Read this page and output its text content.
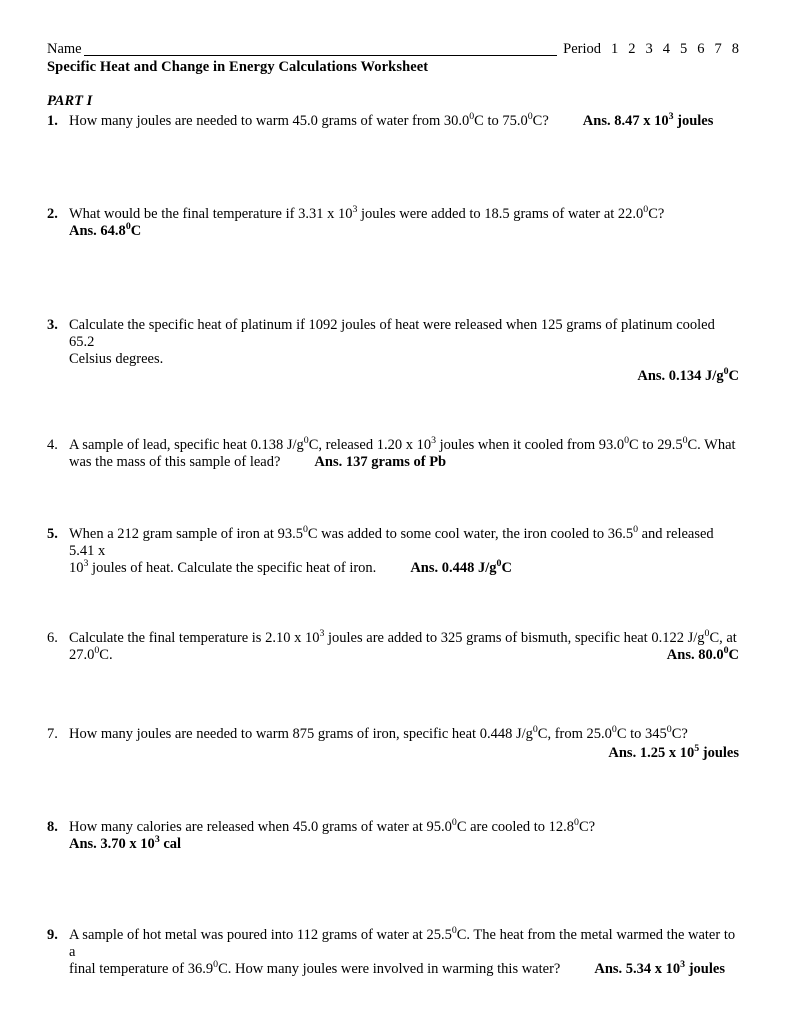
Name	Period 1 2 3 4 5 6 7 8
Specific Heat and Change in Energy Calculations Worksheet
PART I
1. How many joules are needed to warm 45.0 grams of water from 30.0$^0$C to 75.0$^0$C? Ans. 8.47 x $10^3$ joules
2. What would be the final temperature if 3.31 x $10^3$ joules were added to 18.5 grams of water at 22.0$^0$C?Ans. 64.8$^0$C
3. Calculate the specific heat of platinum if 1092 joules of heat were released when 125 grams of platinum cooled 65.2
Celsius degrees.
Ans. 0.134 $J/g^0C$
4. A sample of lead, specific heat 0.138 $J/g^0C$, released 1.20 x $10^3$ joules when it cooled from 93.0$^0$C to 29.5$^0$C. What
was the mass of this sample of lead? Ans. 137 grams of Pb
5. When a 212 gram sample of iron at 93.5$^0$C was added to some cool water, the iron cooled to 36.5$^0$ and released 5.41 x
$10^3$ joules of heat. Calculate the specific heat of iron. Ans. 0.448 $J/g^0C$
6. Calculate the final temperature is 2.10 x $10^3$ joules are added to 325 grams of bismuth, specific heat 0.122 $J/g^0C$, at
27.0$^0$C.	Ans. 80.0$^0$C
7. How many joules are needed to warm 875 grams of iron, specific heat 0.448 $J/g^0C$, from 25.0$^0$C to $345^0C$?
Ans. 1.25 x $10^5$ joules
8. How many calories are released when 45.0 grams of water at 95.0$^0$C are cooled to 12.8$^0$C?Ans. 3.70 x $10^3$ cal
9. A sample of hot metal was poured into 112 grams of water at 25.5$^0$C. The heat from the metal warmed the water to a
final temperature of 36.9$^0$C. How many joules were involved in warming this water? Ans. 5.34 x $10^3$ joules
